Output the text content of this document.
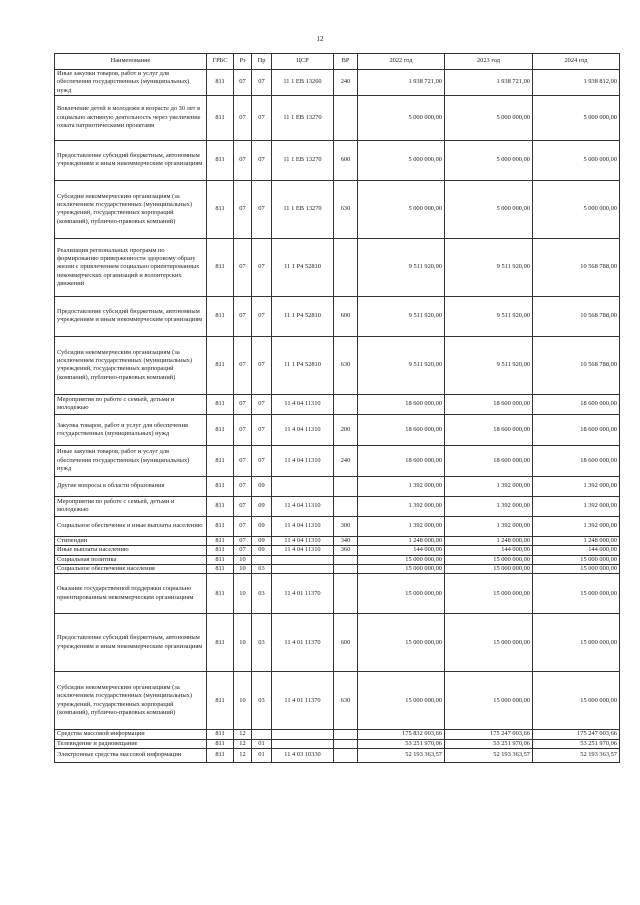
12
Наименование	ГРБС	Рз	Пр	ЦСР	ВР	2022 год	2023 год	2024 год
Иные закупки товаров, работ и услуг для обеспечения государственных (муниципальных) нужд	811	07	07	11 1 EВ 13260	240	1 938 721,00	1 938 721,00	1 938 812,00
Вовлечение детей и молодежи в возрасте до 30 лет в социально активную деятельность через увеличение охвата патриотическими проектами	811	07	07	11 1 EВ 13270		5 000 000,00	5 000 000,00	5 000 000,00
Предоставление субсидий бюджетным, автономным учреждениям и иным некоммерческим организациям	811	07	07	11 1 EВ 13270	600	5 000 000,00	5 000 000,00	5 000 000,00
Субсидии некоммерческим организациям (за исключением государственных (муниципальных) учреждений, государственных корпораций (компаний), публично-правовых компаний)	811	07	07	11 1 EВ 13270	630	5 000 000,00	5 000 000,00	5 000 000,00
Реализация региональных программ по формированию приверженности здоровому образу жизни с привлечением социально ориентированных некоммерческих организаций и волонтерских движений	811	07	07	11 1 P4 52810		9 511 920,00	9 511 920,00	10 568 788,00
Предоставление субсидий бюджетным, автономным учреждениям и иным некоммерческим организациям	811	07	07	11 1 P4 52810	600	9 511 920,00	9 511 920,00	10 568 788,00
Субсидии некоммерческим организациям (за исключением государственных (муниципальных) учреждений, государственных корпораций (компаний), публично-правовых компаний)	811	07	07	11 1 P4 52810	630	9 511 920,00	9 511 920,00	10 568 788,00
Мероприятия по работе с семьей, детьми и молодежью	811	07	07	11 4 04 11310		18 600 000,00	18 600 000,00	18 600 000,00
Закупка товаров, работ и услуг для обеспечения государственных (муниципальных) нужд	811	07	07	11 4 04 11310	200	18 600 000,00	18 600 000,00	18 600 000,00
Иные закупки товаров, работ и услуг для обеспечения государственных (муниципальных) нужд	811	07	07	11 4 04 11310	240	18 600 000,00	18 600 000,00	18 600 000,00
Другие вопросы в области образования	811	07	09			1 392 000,00	1 392 000,00	1 392 000,00
Мероприятия по работе с семьей, детьми и молодежью	811	07	09	11 4 04 11310		1 392 000,00	1 392 000,00	1 392 000,00
Социальное обеспечение и иные выплаты населению	811	07	09	11 4 04 11310	300	1 392 000,00	1 392 000,00	1 392 000,00
Стипендии	811	07	09	11 4 04 11310	340	1 248 000,00	1 248 000,00	1 248 000,00
Иные выплаты населению	811	07	09	11 4 04 11310	360	144 000,00	144 000,00	144 000,00
Социальная политика	811	10				15 000 000,00	15 000 000,00	15 000 000,00
Социальное обеспечение населения	811	10	03			15 000 000,00	15 000 000,00	15 000 000,00
Оказание государственной поддержки социально ориентированным некоммерческим организациям	811	10	03	11 4 01 11370		15 000 000,00	15 000 000,00	15 000 000,00
Предоставление субсидий бюджетным, автономным учреждениям и иным некоммерческим организациям	811	10	03	11 4 01 11370	600	15 000 000,00	15 000 000,00	15 000 000,00
Субсидии некоммерческим организациям (за исключением государственных (муниципальных) учреждений, государственных корпораций (компаний), публично-правовых компаний)	811	10	03	11 4 01 11370	630	15 000 000,00	15 000 000,00	15 000 000,00
Средства массовой информации	811	12				175 832 003,66	175 247 003,66	175 247 003,66
Телевидение и радиовещание	811	12	01			53 251 970,06	53 251 970,06	53 251 970,06
Электронные средства массовой информации	811	12	01	11 4 03 10330		52 193 363,57	52 193 363,57	52 193 363,57
